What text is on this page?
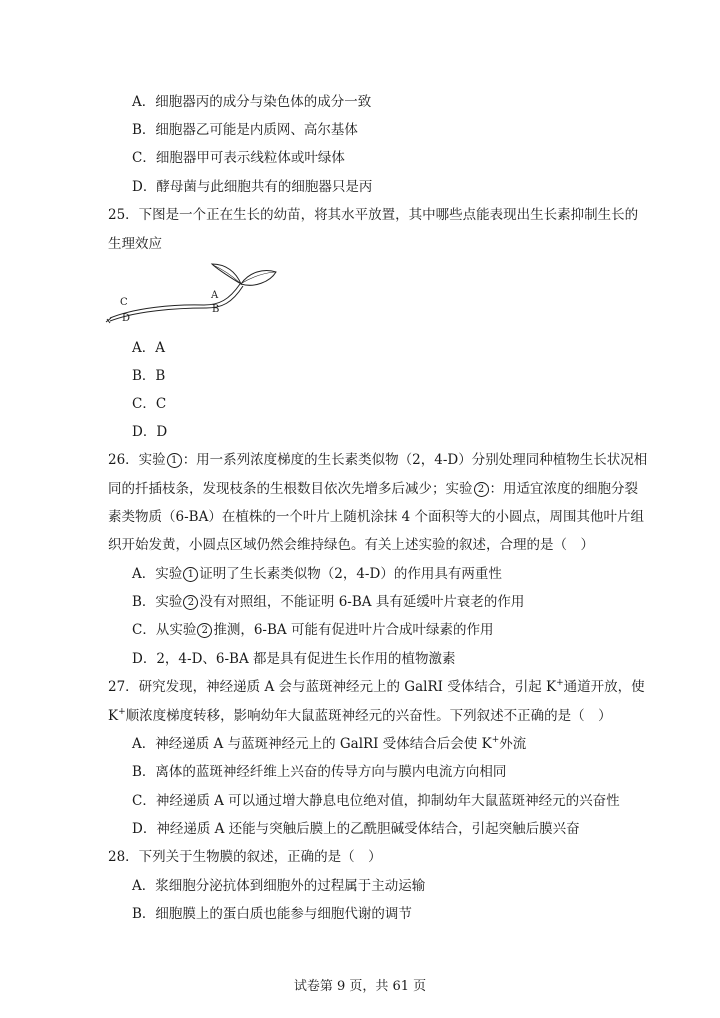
A．细胞器丙的成分与染色体的成分一致
B．细胞器乙可能是内质网、高尔基体
C．细胞器甲可表示线粒体或叶绿体
D．酵母菌与此细胞共有的细胞器只是丙
25．下图是一个正在生长的幼苗，将其水平放置，其中哪些点能表现出生长素抑制生长的
生理效应
A
B
C
D
A．A
B．B
C．C
D．D
26．实验 1 ：用一系列浓度梯度的生长素类似物（2，4-D）分别处理同种植物生长状况相
同的扦插枝条，发现枝条的生根数目依次先增多后减少；实验 2 ：用适宜浓度的细胞分裂
素类物质（6-BA）在植株的一个叶片上随机涂抹 4 个面积等大的小圆点，周围其他叶片组
织开始发黄，小圆点区域仍然会维持绿色。有关上述实验的叙述，合理的是（　）
A．实验 1 证明了生长素类似物（2，4-D）的作用具有两重性
B．实验 2 没有对照组，不能证明 6-BA 具有延缓叶片衰老的作用
C．从实验 2 推测，6-BA 可能有促进叶片合成叶绿素的作用
D．2，4-D、6-BA 都是具有促进生长作用的植物激素
27．研究发现，神经递质 A 会与蓝斑神经元上的 GalRI 受体结合，引起 K+通道开放，使
K+顺浓度梯度转移，影响幼年大鼠蓝斑神经元的兴奋性。下列叙述不正确的是（　）
A．神经递质 A 与蓝斑神经元上的 GalRI 受体结合后会使 K+外流
B．离体的蓝斑神经纤维上兴奋的传导方向与膜内电流方向相同
C．神经递质 A 可以通过增大静息电位绝对值，抑制幼年大鼠蓝斑神经元的兴奋性
D．神经递质 A 还能与突触后膜上的乙酰胆碱受体结合，引起突触后膜兴奋
28．下列关于生物膜的叙述，正确的是（　）
A．浆细胞分泌抗体到细胞外的过程属于主动运输
B．细胞膜上的蛋白质也能参与细胞代谢的调节
试卷第 9 页，共 61 页
